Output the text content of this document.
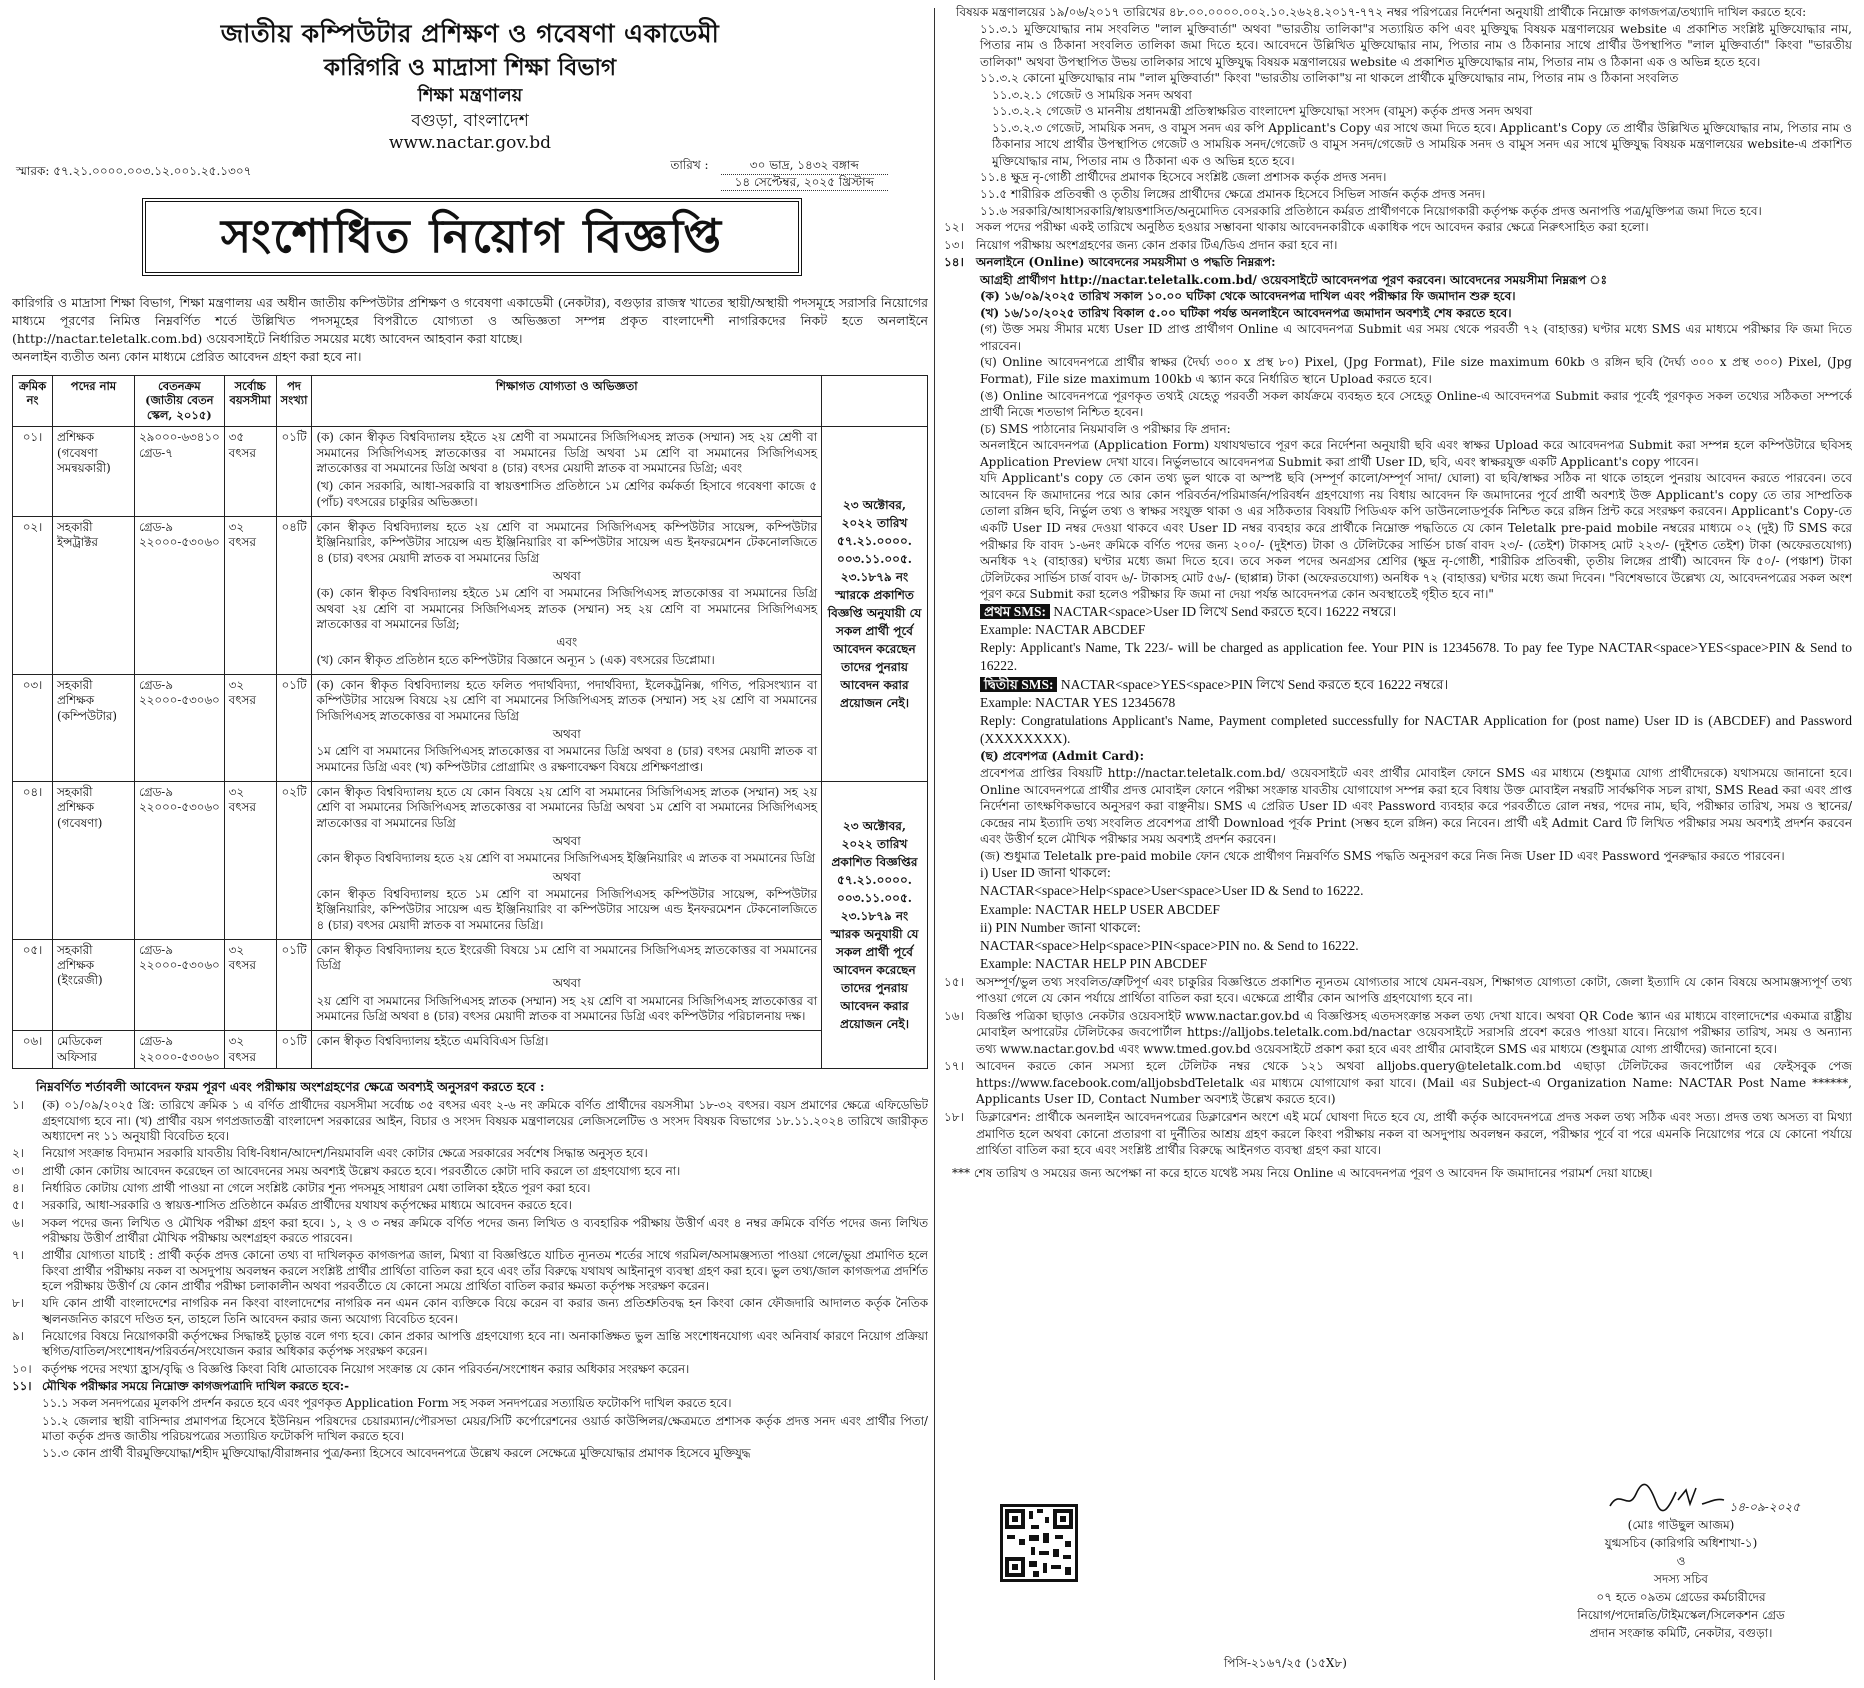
জাতীয় কম্পিউটার প্রশিক্ষণ ও গবেষণা একাডেমী
কারিগরি ও মাদ্রাসা শিক্ষা বিভাগ
শিক্ষা মন্ত্রণালয়
বগুড়া, বাংলাদেশ
www.nactar.gov.bd
স্মারক: ৫৭.২১.০০০০.০০৩.১২.০০১.২৫.১৩০৭	তারিখ :	৩০ ভাদ্র, ১৪৩২ বঙ্গাব্দ
১৪ সেপ্টেম্বর, ২০২৫ খ্রিস্টাব্দ
সংশোধিত নিয়োগ বিজ্ঞপ্তি
কারিগরি ও মাদ্রাসা শিক্ষা বিভাগ, শিক্ষা মন্ত্রণালয় এর অধীন জাতীয় কম্পিউটার প্রশিক্ষণ ও গবেষণা একাডেমী (নেকটার), বগুড়ার রাজস্ব খাতের স্থায়ী/অস্থায়ী পদসমূহে সরাসরি নিয়োগের মাধ্যমে পূরণের নিমিত্ত নিম্নবর্ণিত শর্তে উল্লিখিত পদসমূহের বিপরীতে যোগ্যতা ও অভিজ্ঞতা সম্পন্ন প্রকৃত বাংলাদেশী নাগরিকদের নিকট হতে অনলাইনে (http://nactar.teletalk.com.bd) ওয়েবসাইটে নির্ধারিত সময়ের মধ্যে আবেদন আহবান করা যাচ্ছে।
অনলাইন ব্যতীত অন্য কোন মাধ্যমে প্রেরিত আবেদন গ্রহণ করা হবে না।
ক্রমিক নং	পদের নাম	বেতনক্রম (জাতীয় বেতন স্কেল, ২০১৫)	সর্বোচ্চ বয়সসীমা	পদ সংখ্যা	শিক্ষাগত যোগ্যতা ও অভিজ্ঞতা	
০১।	প্রশিক্ষক (গবেষণা সমন্বয়কারী)	২৯০০০-৬৩৪১০ গ্রেড-৭	৩৫ বৎসর	০১টি	(ক) কোন স্বীকৃত বিশ্ববিদ্যালয় হইতে ২য় শ্রেণী বা সমমানের সিজিপিএসহ স্নাতক (সম্মান) সহ ২য় শ্রেণী বা সমমানের সিজিপিএসহ স্নাতকোত্তর বা সমমানের ডিগ্রি অথবা ১ম শ্রেণি বা সমমানের সিজিপিএসহ স্নাতকোত্তর বা সমমানের ডিগ্রি অথবা ৪ (চার) বৎসর মেয়াদী স্নাতক বা সমমানের ডিগ্রি; এবং

(খ) কোন সরকারি, আধা-সরকারি বা স্বায়ত্তশাসিত প্রতিষ্ঠানে ১ম শ্রেণির কর্মকর্তা হিসাবে গবেষণা কাজে ৫ (পাঁচ) বৎসরের চাকুরির অভিজ্ঞতা।	২৩ অক্টোবর, ২০২২ তারিখ ৫৭.২১.০০০০. ০০৩.১১.০০৫. ২৩.১৮৭৯ নং স্মারকে প্রকাশিত বিজ্ঞপ্তি অনুযায়ী যে সকল প্রার্থী পূর্বে আবেদন করেছেন তাদের পুনরায় আবেদন করার প্রয়োজন নেই।
০২।	সহকারী ইন্সট্রাক্টর	গ্রেড-৯ ২২০০০-৫৩০৬০	৩২ বৎসর	০৪টি	কোন স্বীকৃত বিশ্ববিদ্যালয় হতে ২য় শ্রেণি বা সমমানের সিজিপিএসহ কম্পিউটার সায়েন্স, কম্পিউটার ইঞ্জিনিয়ারিং, কম্পিউটার সায়েন্স এন্ড ইঞ্জিনিয়ারিং বা কম্পিউটার সায়েন্স এন্ড ইনফরমেশন টেকনোলজিতে ৪ (চার) বৎসর মেয়াদী স্নাতক বা সমমানের ডিগ্রি

অথবা

(ক) কোন স্বীকৃত বিশ্ববিদ্যালয় হইতে ১ম শ্রেণি বা সমমানের সিজিপিএসহ স্নাতকোত্তর বা সমমানের ডিগ্রি অথবা ২য় শ্রেণি বা সমমানের সিজিপিএসহ স্নাতক (সম্মান) সহ ২য় শ্রেণি বা সমমানের সিজিপিএসহ স্নাতকোত্তর বা সমমানের ডিগ্রি;

এবং

(খ) কোন স্বীকৃত প্রতিষ্ঠান হতে কম্পিউটার বিজ্ঞানে অন্যূন ১ (এক) বৎসরের ডিপ্লোমা।	

০৩।	সহকারী প্রশিক্ষক (কম্পিউটার)	গ্রেড-৯ ২২০০০-৫৩০৬০	৩২ বৎসর	০১টি	(ক) কোন স্বীকৃত বিশ্ববিদ্যালয় হতে ফলিত পদার্থবিদ্যা, পদার্থবিদ্যা, ইলেকট্রনিক্স, গণিত, পরিসংখ্যান বা কম্পিউটার সায়েন্স বিষয়ে ২য় শ্রেণি বা সমমানের সিজিপিএসহ স্নাতক (সম্মান) সহ ২য় শ্রেণি বা সমমানের সিজিপিএসহ স্নাতকোত্তর বা সমমানের ডিগ্রি

অথবা

১ম শ্রেণি বা সমমানের সিজিপিএসহ স্নাতকোত্তর বা সমমানের ডিগ্রি অথবা ৪ (চার) বৎসর মেয়াদী স্নাতক বা সমমানের ডিগ্রি এবং (খ) কম্পিউটার প্রোগ্রামিং ও রক্ষণাবেক্ষণ বিষয়ে প্রশিক্ষণপ্রাপ্ত।	

০৪।	সহকারী প্রশিক্ষক (গবেষণা)	গ্রেড-৯ ২২০০০-৫৩০৬০	৩২ বৎসর	০২টি	কোন স্বীকৃত বিশ্ববিদ্যালয় হতে যে কোন বিষয়ে ২য় শ্রেণি বা সমমানের সিজিপিএসহ স্নাতক (সম্মান) সহ ২য় শ্রেণি বা সমমানের সিজিপিএসহ স্নাতকোত্তর বা সমমানের ডিগ্রি অথবা ১ম শ্রেণি বা সমমানের সিজিপিএসহ স্নাতকোত্তর বা সমমানের ডিগ্রি

অথবা

কোন স্বীকৃত বিশ্ববিদ্যালয় হতে ২য় শ্রেণি বা সমমানের সিজিপিএসহ ইঞ্জিনিয়ারিং এ স্নাতক বা সমমানের ডিগ্রি

অথবা

কোন স্বীকৃত বিশ্ববিদ্যালয় হতে ১ম শ্রেণি বা সমমানের সিজিপিএসহ কম্পিউটার সায়েন্স, কম্পিউটার ইঞ্জিনিয়ারিং, কম্পিউটার সায়েন্স এন্ড ইঞ্জিনিয়ারিং বা কম্পিউটার সায়েন্স এন্ড ইনফরমেশন টেকনোলজিতে ৪ (চার) বৎসর মেয়াদী স্নাতক বা সমমানের ডিগ্রি।	২৩ অক্টোবর, ২০২২ তারিখ প্রকাশিত বিজ্ঞপ্তির ৫৭.২১.০০০০. ০০৩.১১.০০৫. ২৩.১৮৭৯ নং স্মারক অনুযায়ী যে সকল প্রার্থী পূর্বে আবেদন করেছেন তাদের পুনরায় আবেদন করার প্রয়োজন নেই।
০৫।	সহকারী প্রশিক্ষক (ইংরেজী)	গ্রেড-৯ ২২০০০-৫৩০৬০	৩২ বৎসর	০১টি	কোন স্বীকৃত বিশ্ববিদ্যালয় হতে ইংরেজী বিষয়ে ১ম শ্রেণি বা সমমানের সিজিপিএসহ স্নাতকোত্তর বা সমমানের ডিগ্রি

অথবা

২য় শ্রেণি বা সমমানের সিজিপিএসহ স্নাতক (সম্মান) সহ ২য় শ্রেণি বা সমমানের সিজিপিএসহ স্নাতকোত্তর বা সমমানের ডিগ্রি অথবা ৪ (চার) বৎসর মেয়াদী স্নাতক বা সমমানের ডিগ্রি এবং কম্পিউটার পরিচালনায় দক্ষ।	

০৬।	মেডিকেল অফিসার	গ্রেড-৯ ২২০০০-৫৩০৬০	৩২ বৎসর	০১টি	কোন স্বীকৃত বিশ্ববিদ্যালয় হইতে এমবিবিএস ডিগ্রি।	

নিম্নবর্ণিত শর্তাবলী আবেদন ফরম পূরণ এবং পরীক্ষায় অংশগ্রহণের ক্ষেত্রে অবশ্যই অনুসরণ করতে হবে :
১।	(ক) ০১/০৯/২০২৫ খ্রি: তারিখে ক্রমিক ১ এ বর্ণিত প্রার্থীদের বয়সসীমা সর্বোচ্চ ৩৫ বৎসর এবং ২-৬ নং ক্রমিকে বর্ণিত প্রার্থীদের বয়সসীমা ১৮-৩২ বৎসর। বয়স প্রমাণের ক্ষেত্রে এফিডেভিট গ্রহণযোগ্য হবে না। (খ) প্রার্থীর বয়স গণপ্রজাতন্ত্রী বাংলাদেশ সরকারের আইন, বিচার ও সংসদ বিষয়ক মন্ত্রণালয়ের লেজিসলেটিভ ও সংসদ বিষয়ক বিভাগের ১৮.১১.২০২৪ তারিখে জারীকৃত অধ্যাদেশ নং ১১ অনুযায়ী বিবেচিত হবে।
২।	নিয়োগ সংক্রান্ত বিদ্যমান সরকারি যাবতীয় বিধি-বিধান/আদেশ/নিয়মাবলি এবং কোটার ক্ষেত্রে সরকারের সর্বশেষ সিদ্ধান্ত অনুসৃত হবে।
৩।	প্রার্থী কোন কোটায় আবেদন করেছেন তা আবেদনের সময় অবশ্যই উল্লেখ করতে হবে। পরবর্তীতে কোটা দাবি করলে তা গ্রহণযোগ্য হবে না।
৪।	নির্ধারিত কোটায় যোগ্য প্রার্থী পাওয়া না গেলে সংশ্লিষ্ট কোটার শূন্য পদসমূহ সাধারণ মেধা তালিকা হইতে পূরণ করা হবে।
৫।	সরকারি, আধা-সরকারি ও স্বায়ত্ত-শাসিত প্রতিষ্ঠানে কর্মরত প্রার্থীদের যথাযথ কর্তৃপক্ষের মাধ্যমে আবেদন করতে হবে।
৬।	সকল পদের জন্য লিখিত ও মৌখিক পরীক্ষা গ্রহণ করা হবে। ১, ২ ও ৩ নম্বর ক্রমিকে বর্ণিত পদের জন্য লিখিত ও ব্যবহারিক পরীক্ষায় উত্তীর্ণ এবং ৪ নম্বর ক্রমিকে বর্ণিত পদের জন্য লিখিত পরীক্ষায় উত্তীর্ণ প্রার্থীরা মৌখিক পরীক্ষায় অংশগ্রহণ করতে পারবেন।
৭।	প্রার্থীর যোগ্যতা যাচাই : প্রার্থী কর্তৃক প্রদত্ত কোনো তথ্য বা দাখিলকৃত কাগজপত্র জাল, মিথ্যা বা বিজ্ঞপ্তিতে যাচিত ন্যূনতম শর্তের সাথে গরমিল/অসামঞ্জস্যতা পাওয়া গেলে/ভুয়া প্রমাণিত হলে কিংবা প্রার্থীর পরীক্ষায় নকল বা অসদুপায় অবলম্বন করলে সংশ্লিষ্ট প্রার্থীর প্রার্থিতা বাতিল করা হবে এবং তাঁর বিরুদ্ধে যথাযথ আইনানুগ ব্যবস্থা গ্রহণ করা হবে। ভুল তথ্য/জাল কাগজপত্র প্রদর্শিত হলে পরীক্ষায় উত্তীর্ণ যে কোন প্রার্থীর পরীক্ষা চলাকালীন অথবা পরবর্তীতে যে কোনো সময়ে প্রার্থিতা বাতিল করার ক্ষমতা কর্তৃপক্ষ সংরক্ষণ করেন।
৮।	যদি কোন প্রার্থী বাংলাদেশের নাগরিক নন কিংবা বাংলাদেশের নাগরিক নন এমন কোন ব্যক্তিকে বিয়ে করেন বা করার জন্য প্রতিশ্রুতিবদ্ধ হন কিংবা কোন ফৌজদারি আদালত কর্তৃক নৈতিক স্খলনজনিত কারণে দণ্ডিত হন, তাহলে তিনি আবেদন করার জন্য অযোগ্য বিবেচিত হবেন।
৯।	নিয়োগের বিষয়ে নিয়োগকারী কর্তৃপক্ষের সিদ্ধান্তই চূড়ান্ত বলে গণ্য হবে। কোন প্রকার আপত্তি গ্রহণযোগ্য হবে না। অনাকাঙ্ক্ষিত ভুল ভ্রান্তি সংশোধনযোগ্য এবং অনিবার্য কারণে নিয়োগ প্রক্রিয়া স্থগিত/বাতিল/সংশোধন/পরিবর্তন/সংযোজন করার অধিকার কর্তৃপক্ষ সংরক্ষণ করেন।
১০। কর্তৃপক্ষ পদের সংখ্যা হ্রাস/বৃদ্ধি ও বিজ্ঞপ্তি কিংবা বিধি মোতাবেক নিয়োগ সংক্রান্ত যে কোন পরিবর্তন/সংশোধন করার অধিকার সংরক্ষণ করেন।
১১। মৌখিক পরীক্ষার সময়ে নিম্নোক্ত কাগজপত্রাদি দাখিল করতে হবে:-
১১.১ সকল সনদপত্রের মূলকপি প্রদর্শন করতে হবে এবং পূরণকৃত Application Form সহ সকল সনদপত্রের সত্যায়িত ফটোকপি দাখিল করতে হবে।
১১.২ জেলার স্থায়ী বাসিন্দার প্রমাণপত্র হিসেবে ইউনিয়ন পরিষদের চেয়ারম্যান/পৌরসভা মেয়র/সিটি কর্পোরেশনের ওয়ার্ড কাউন্সিলর/ক্ষেত্রমতে প্রশাসক কর্তৃক প্রদত্ত সনদ এবং প্রার্থীর পিতা/মাতা কর্তৃক প্রদত্ত জাতীয় পরিচয়পত্রের সত্যায়িত ফটোকপি দাখিল করতে হবে।
১১.৩ কোন প্রার্থী বীরমুক্তিযোদ্ধা/শহীদ মুক্তিযোদ্ধা/বীরাঙ্গনার পুত্র/কন্যা হিসেবে আবেদনপত্রে উল্লেখ করলে সেক্ষেত্রে মুক্তিযোদ্ধার প্রমাণক হিসেবে মুক্তিযুদ্ধ
বিষয়ক মন্ত্রণালয়ের ১৯/০৬/২০১৭ তারিখের ৪৮.০০.০০০০.০০২.১০.২৬২৪.২০১৭-৭৭২ নম্বর পরিপত্রের নির্দেশনা অনুযায়ী প্রার্থীকে নিম্নোক্ত কাগজপত্র/তথ্যাদি দাখিল করতে হবে:
১১.৩.১ মুক্তিযোদ্ধার নাম সংবলিত "লাল মুক্তিবার্তা" অথবা "ভারতীয় তালিকা"র সত্যায়িত কপি এবং মুক্তিযুদ্ধ বিষয়ক মন্ত্রণালয়ের website এ প্রকাশিত সংশ্লিষ্ট মুক্তিযোদ্ধার নাম, পিতার নাম ও ঠিকানা সংবলিত তালিকা জমা দিতে হবে। আবেদনে উল্লিখিত মুক্তিযোদ্ধার নাম, পিতার নাম ও ঠিকানার সাথে প্রার্থীর উপস্থাপিত "লাল মুক্তিবার্তা" কিংবা "ভারতীয় তালিকা" অথবা উপস্থাপিত উভয় তালিকার সাথে মুক্তিযুদ্ধ বিষয়ক মন্ত্রণালয়ের website এ প্রকাশিত মুক্তিযোদ্ধার নাম, পিতার নাম ও ঠিকানা এক ও অভিন্ন হতে হবে।
১১.৩.২ কোনো মুক্তিযোদ্ধার নাম "লাল মুক্তিবার্তা" কিংবা "ভারতীয় তালিকা"য় না থাকলে প্রার্থীকে মুক্তিযোদ্ধার নাম, পিতার নাম ও ঠিকানা সংবলিত
১১.৩.২.১ গেজেট ও সাময়িক সনদ অথবা
১১.৩.২.২ গেজেট ও মাননীয় প্রধানমন্ত্রী প্রতিস্বাক্ষরিত বাংলাদেশ মুক্তিযোদ্ধা সংসদ (বামুস) কর্তৃক প্রদত্ত সনদ অথবা
১১.৩.২.৩ গেজেট, সাময়িক সনদ, ও বামুস সনদ এর কপি Applicant's Copy এর সাথে জমা দিতে হবে। Applicant's Copy তে প্রার্থীর উল্লিখিত মুক্তিযোদ্ধার নাম, পিতার নাম ও ঠিকানার সাথে প্রার্থীর উপস্থাপিত গেজেট ও সাময়িক সনদ/গেজেট ও বামুস সনদ/গেজেট ও সাময়িক সনদ ও বামুস সনদ এর সাথে মুক্তিযুদ্ধ বিষয়ক মন্ত্রণালয়ের website-এ প্রকাশিত মুক্তিযোদ্ধার নাম, পিতার নাম ও ঠিকানা এক ও অভিন্ন হতে হবে।
১১.৪ ক্ষুদ্র নৃ-গোষ্ঠী প্রার্থীদের প্রমাণক হিসেবে সংশ্লিষ্ট জেলা প্রশাসক কর্তৃক প্রদত্ত সনদ।
১১.৫ শারীরিক প্রতিবন্ধী ও তৃতীয় লিঙ্গের প্রার্থীদের ক্ষেত্রে প্রমানক হিসেবে সিভিল সার্জন কর্তৃক প্রদত্ত সনদ।
১১.৬ সরকারি/আধাসরকারি/স্বায়ত্তশাসিত/অনুমোদিত বেসরকারি প্রতিষ্ঠানে কর্মরত প্রার্থীগণকে নিয়োগকারী কর্তৃপক্ষ কর্তৃক প্রদত্ত অনাপত্তি পত্র/মুক্তিপত্র জমা দিতে হবে।
১২।	সকল পদের পরীক্ষা একই তারিখে অনুষ্ঠিত হওয়ার সম্ভাবনা থাকায় আবেদনকারীকে একাধিক পদে আবেদন করার ক্ষেত্রে নিরুৎসাহিত করা হলো।
১৩।	নিয়োগ পরীক্ষায় অংশগ্রহণের জন্য কোন প্রকার টিএ/ডিএ প্রদান করা হবে না।
১৪।	অনলাইনে (Online) আবেদনের সময়সীমা ও পদ্ধতি নিম্নরূপ:
আগ্রহী প্রার্থীগণ http://nactar.teletalk.com.bd/ ওয়েবসাইটে আবেদনপত্র পূরণ করবেন। আবেদনের সময়সীমা নিম্নরূপ ঃ
(ক) ১৬/০৯/২০২৫ তারিখ সকাল ১০.০০ ঘটিকা থেকে আবেদনপত্র দাখিল এবং পরীক্ষার ফি জমাদান শুরু হবে।
(খ) ১৬/১০/২০২৫ তারিখ বিকাল ৫.০০ ঘটিকা পর্যন্ত অনলাইনে আবেদনপত্র জমাদান অবশ্যই শেষ করতে হবে।
(গ) উক্ত সময় সীমার মধ্যে User ID প্রাপ্ত প্রার্থীগণ Online এ আবেদনপত্র Submit এর সময় থেকে পরবর্তী ৭২ (বাহাত্তর) ঘণ্টার মধ্যে SMS এর মাধ্যমে পরীক্ষার ফি জমা দিতে পারবেন।
(ঘ) Online আবেদনপত্রে প্রার্থীর স্বাক্ষর (দৈর্ঘ্য ৩০০ x প্রস্থ ৮০) Pixel, (Jpg Format), File size maximum 60kb ও রঙ্গিন ছবি (দৈর্ঘ্য ৩০০ x প্রস্থ ৩০০) Pixel, (Jpg Format), File size maximum 100kb এ স্ক্যান করে নির্ধারিত স্থানে Upload করতে হবে।
(ঙ) Online আবেদনপত্রে পূরণকৃত তথ্যই যেহেতু পরবর্তী সকল কার্যক্রমে ব্যবহৃত হবে সেহেতু Online-এ আবেদনপত্র Submit করার পূর্বেই পূরণকৃত সকল তথ্যের সঠিকতা সম্পর্কে প্রার্থী নিজে শতভাগ নিশ্চিত হবেন।
(চ) SMS পাঠানোর নিয়মাবলি ও পরীক্ষার ফি প্রদান:
অনলাইনে আবেদনপত্র (Application Form) যথাযথভাবে পূরণ করে নির্দেশনা অনুযায়ী ছবি এবং স্বাক্ষর Upload করে আবেদনপত্র Submit করা সম্পন্ন হলে কম্পিউটারে ছবিসহ Application Preview দেখা যাবে। নির্ভুলভাবে আবেদনপত্র Submit করা প্রার্থী User ID, ছবি, এবং স্বাক্ষরযুক্ত একটি Applicant's copy পাবেন।
যদি Applicant's copy তে কোন তথ্য ভুল থাকে বা অস্পষ্ট ছবি (সম্পূর্ণ কালো/সম্পূর্ণ সাদা/ ঘোলা) বা ছবি/স্বাক্ষর সঠিক না থাকে তাহলে পুনরায় আবেদন করতে পারবেন। তবে আবেদন ফি জমাদানের পরে আর কোন পরিবর্তন/পরিমার্জন/পরিবর্ধন গ্রহণযোগ্য নয় বিধায় আবেদন ফি জমাদানের পূর্বে প্রার্থী অবশ্যই উক্ত Applicant's copy তে তার সাম্প্রতিক তোলা রঙ্গিন ছবি, নির্ভুল তথ্য ও স্বাক্ষর সংযুক্ত থাকা ও এর সঠিকতার বিষয়টি পিডিএফ কপি ডাউনলোডপূর্বক নিশ্চিত করে রঙ্গিন প্রিন্ট করে সংরক্ষণ করবেন। Applicant's Copy-তে একটি User ID নম্বর দেওয়া থাকবে এবং User ID নম্বর ব্যবহার করে প্রার্থীকে নিম্নোক্ত পদ্ধতিতে যে কোন Teletalk pre-paid mobile নম্বরের মাধ্যমে ০২ (দুই) টি SMS করে পরীক্ষার ফি বাবদ ১-৬নং ক্রমিকে বর্ণিত পদের জন্য ২০০/- (দুইশত) টাকা ও টেলিটকের সার্ভিস চার্জ বাবদ ২৩/- (তেইশ) টাকাসহ মোট ২২৩/- (দুইশত তেইশ) টাকা (অফেরতযোগ্য) অনধিক ৭২ (বাহাত্তর) ঘণ্টার মধ্যে জমা দিতে হবে। তবে সকল পদের অনগ্রসর শ্রেণির (ক্ষুদ্র নৃ-গোষ্ঠী, শারীরিক প্রতিবন্ধী, তৃতীয় লিঙ্গের প্রার্থী) আবেদন ফি ৫০/- (পঞ্চাশ) টাকা টেলিটকের সার্ভিস চার্জ বাবদ ৬/- টাকাসহ মোট ৫৬/- (ছাপ্পান্ন) টাকা (অফেরতযোগ্য) অনধিক ৭২ (বাহাত্তর) ঘণ্টার মধ্যে জমা দিবেন। "বিশেষভাবে উল্লেখ্য যে, আবেদনপত্রের সকল অংশ পূরণ করে Submit করা হলেও পরীক্ষার ফি জমা না দেয়া পর্যন্ত আবেদনপত্র কোন অবস্থাতেই গৃহীত হবে না।"
প্রথম SMS: NACTAR<space>User ID লিখে Send করতে হবে। 16222 নম্বরে।
Example: NACTAR ABCDEF
Reply: Applicant's Name, Tk 223/- will be charged as application fee. Your PIN is 12345678. To pay fee Type NACTAR<space>YES<space>PIN & Send to 16222.
দ্বিতীয় SMS: NACTAR<space>YES<space>PIN লিখে Send করতে হবে 16222 নম্বরে।
Example: NACTAR YES 12345678
Reply: Congratulations Applicant's Name, Payment completed successfully for NACTAR Application for (post name) User ID is (ABCDEF) and Password (XXXXXXXX).
(ছ) প্রবেশপত্র (Admit Card):
প্রবেশপত্র প্রাপ্তির বিষয়টি http://nactar.teletalk.com.bd/ ওয়েবসাইটে এবং প্রার্থীর মোবাইল ফোনে SMS এর মাধ্যমে (শুধুমাত্র যোগ্য প্রার্থীদেরকে) যথাসময়ে জানানো হবে। Online আবেদনপত্রে প্রার্থীর প্রদত্ত মোবাইল ফোনে পরীক্ষা সংক্রান্ত যাবতীয় যোগাযোগ সম্পন্ন করা হবে বিধায় উক্ত মোবাইল নম্বরটি সার্বক্ষণিক সচল রাখা, SMS Read করা এবং প্রাপ্ত নির্দেশনা তাৎক্ষণিকভাবে অনুসরণ করা বাঞ্ছনীয়। SMS এ প্রেরিত User ID এবং Password ব্যবহার করে পরবর্তীতে রোল নম্বর, পদের নাম, ছবি, পরীক্ষার তারিখ, সময় ও স্থানের/কেন্দ্রের নাম ইত্যাদি তথ্য সংবলিত প্রবেশপত্র প্রার্থী Download পূর্বক Print (সম্ভব হলে রঙ্গিন) করে নিবেন। প্রার্থী এই Admit Card টি লিখিত পরীক্ষার সময় অবশ্যই প্রদর্শন করবেন এবং উত্তীর্ণ হলে মৌখিক পরীক্ষার সময় অবশ্যই প্রদর্শন করবেন।
(জ) শুধুমাত্র Teletalk pre-paid mobile ফোন থেকে প্রার্থীগণ নিম্নবর্ণিত SMS পদ্ধতি অনুসরণ করে নিজ নিজ User ID এবং Password পুনরুদ্ধার করতে পারবেন।
i) User ID জানা থাকলে:
NACTAR<space>Help<space>User<space>User ID & Send to 16222.
Example: NACTAR HELP USER ABCDEF
ii) PIN Number জানা থাকলে:
NACTAR<space>Help<space>PIN<space>PIN no. & Send to 16222.
Example: NACTAR HELP PIN ABCDEF
১৫।	অসম্পূর্ণ/ভুল তথ্য সংবলিত/ত্রুটিপূর্ণ এবং চাকুরির বিজ্ঞপ্তিতে প্রকাশিত ন্যূনতম যোগ্যতার সাথে যেমন-বয়স, শিক্ষাগত যোগ্যতা কোটা, জেলা ইত্যাদি যে কোন বিষয়ে অসামঞ্জস্যপূর্ণ তথ্য পাওয়া গেলে যে কোন পর্যায়ে প্রার্থিতা বাতিল করা হবে। এক্ষেত্রে প্রার্থীর কোন আপত্তি গ্রহণযোগ্য হবে না।
১৬।	বিজ্ঞপ্তি পত্রিকা ছাড়াও নেকটার ওয়েবসাইট www.nactar.gov.bd এ বিজ্ঞপ্তিসহ এতদসংক্রান্ত সকল তথ্য দেখা যাবে। অথবা QR Code স্ক্যান এর মাধ্যমে বাংলাদেশের একমাত্র রাষ্ট্রীয় মোবাইল অপারেটর টেলিটকের জবপোর্টাল https://alljobs.teletalk.com.bd/nactar ওয়েবসাইটে সরাসরি প্রবেশ করেও পাওয়া যাবে। নিয়োগ পরীক্ষার তারিখ, সময় ও অন্যান্য তথ্য www.nactar.gov.bd এবং www.tmed.gov.bd ওয়েবসাইটে প্রকাশ করা হবে এবং প্রার্থীর মোবাইলে SMS এর মাধ্যমে (শুধুমাত্র যোগ্য প্রার্থীদের) জানানো হবে।
১৭।	আবেদন করতে কোন সমস্যা হলে টেলিটক নম্বর থেকে ১২১ অথবা alljobs.query@teletalk.com.bd এছাড়া টেলিটকের জবপোর্টাল এর ফেইসবুক পেজ https://www.facebook.com/alljobsbdTeletalk এর মাধ্যমে যোগাযোগ করা যাবে। (Mail এর Subject-এ Organization Name: NACTAR Post Name ******, Applicants User ID, Contact Number অবশ্যই উল্লেখ করতে হবে।)
১৮।	ডিক্লারেশন: প্রার্থীকে অনলাইন আবেদনপত্রের ডিক্লারেশন অংশে এই মর্মে ঘোষণা দিতে হবে যে, প্রার্থী কর্তৃক আবেদনপত্রে প্রদত্ত সকল তথ্য সঠিক এবং সত্য। প্রদত্ত তথ্য অসত্য বা মিথ্যা প্রমাণিত হলে অথবা কোনো প্রতারণা বা দুর্নীতির আশ্রয় গ্রহণ করলে কিংবা পরীক্ষায় নকল বা অসদুপায় অবলম্বন করলে, পরীক্ষার পূর্বে বা পরে এমনকি নিয়োগের পরে যে কোনো পর্যায়ে প্রার্থিতা বাতিল করা হবে এবং সংশ্লিষ্ট প্রার্থীর বিরুদ্ধে আইনগত ব্যবস্থা গ্রহণ করা যাবে।
*** শেষ তারিখ ও সময়ের জন্য অপেক্ষা না করে হাতে যথেষ্ট সময় নিয়ে Online এ আবেদনপত্র পূরণ ও আবেদন ফি জমাদানের পরামর্শ দেয়া যাচ্ছে।
১৪-০৯-২০২৫
(মোঃ গাউছুল আজম)
যুগ্মসচিব (কারিগরি অধিশাখা-১)
ও
সদস্য সচিব
০৭ হতে ০৯তম গ্রেডের কর্মচারীদের
নিয়োগ/পদোন্নতি/টাইমস্কেল/সিলেকশন গ্রেড
প্রদান সংক্রান্ত কমিটি, নেকটার, বগুড়া।
পিসি-২১৬৭/২৫ (১৫X৮)
